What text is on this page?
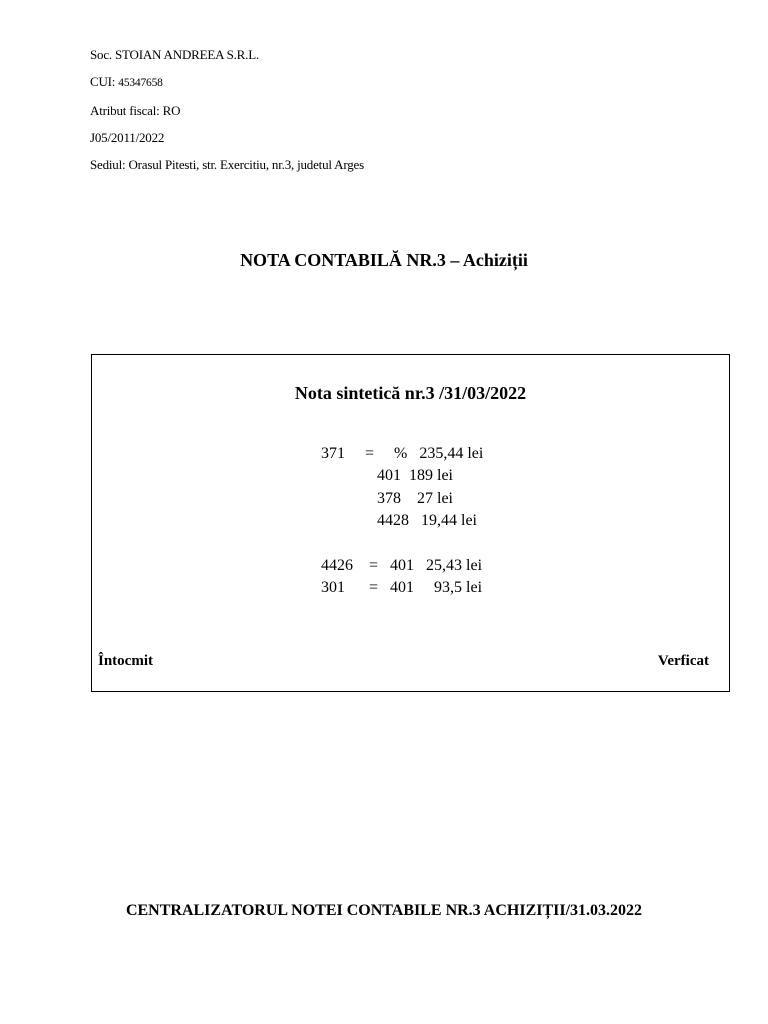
Soc. STOIAN ANDREEA S.R.L.
CUI: 45347658
Atribut fiscal: RO
J05/2011/2022
Sediul: Orasul Pitesti, str. Exercitiu, nr.3, judetul Arges
NOTA CONTABILĂ NR.3 – Achiziții
Nota sintetică nr.3 /31/03/2022
371     =     %   235,44 lei
401  189 lei
378    27 lei
4428   19,44 lei
4426    =   401   25,43 lei
301      =   401     93,5 lei
Întocmit	Verficat
CENTRALIZATORUL NOTEI CONTABILE NR.3 ACHIZIȚII/31.03.2022
